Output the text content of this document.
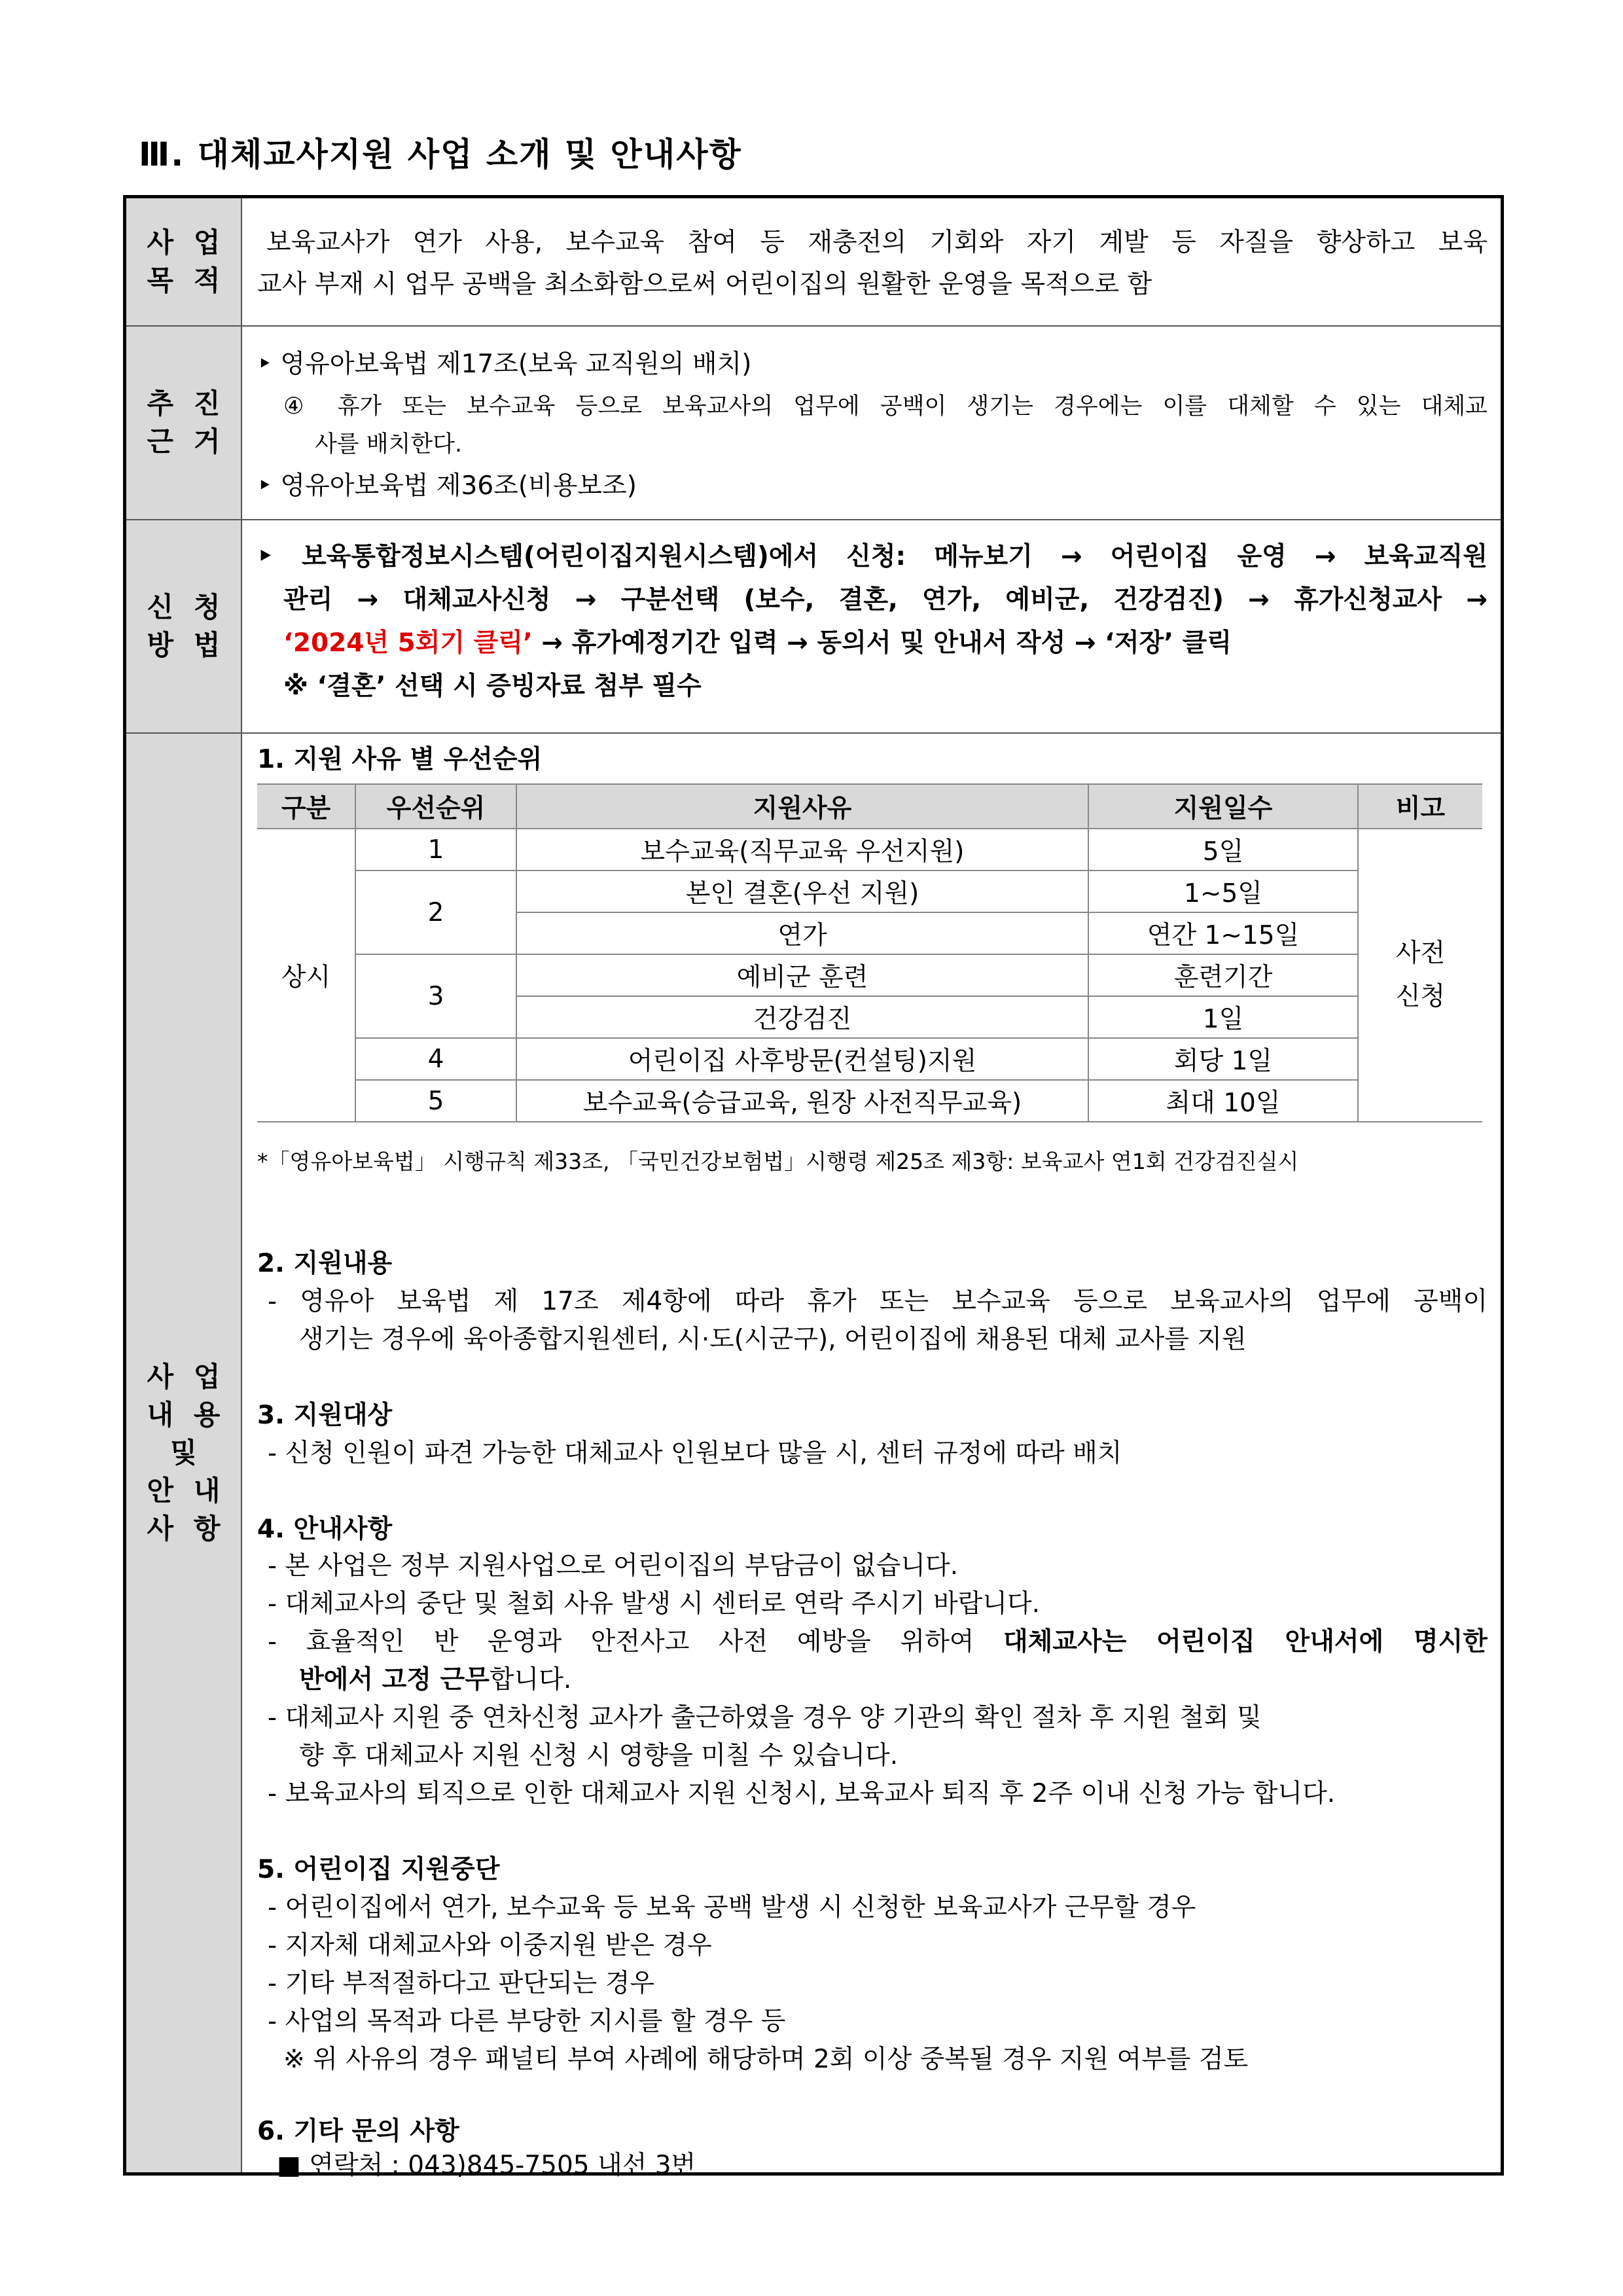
Ⅲ. 대체교사지원 사업 소개 및 안내사항
사 업
목 적
보육교사가 연가 사용, 보수교육 참여 등 재충전의 기회와 자기 계발 등 자질을 향상하고 보육
교사 부재 시 업무 공백을 최소화함으로써 어린이집의 원활한 운영을 목적으로 함
추 진
근 거
‣ 영유아보육법 제17조(보육 교직원의 배치)
④ 휴가 또는 보수교육 등으로 보육교사의 업무에 공백이 생기는 경우에는 이를 대체할 수 있는 대체교
사를 배치한다.
‣ 영유아보육법 제36조(비용보조)
신 청
방 법
‣ 보육통합정보시스템(어린이집지원시스템)에서 신청: 메뉴보기 → 어린이집 운영 → 보육교직원
관리 → 대체교사신청 → 구분선택 (보수, 결혼, 연가, 예비군, 건강검진) → 휴가신청교사 →
‘2024년 5회기 클릭’ → 휴가예정기간 입력 → 동의서 및 안내서 작성 → ‘저장’ 클릭
※ ‘결혼’ 선택 시 증빙자료 첨부 필수
사 업
내 용
및
안 내
사 항
1. 지원 사유 별 우선순위
구분	우선순위	지원사유	지원일수	비고
상시	1	보수교육(직무교육 우선지원)	5일	사전
신청

	2	본인 결혼(우선 지원)	1~5일	
		연가	연간 1~15일	
	3	예비군 훈련	훈련기간	
		건강검진	1일	
	4	어린이집 사후방문(컨설팅)지원	회당 1일	
	5	보수교육(승급교육, 원장 사전직무교육)	최대 10일	
*「영유아보육법」 시행규칙 제33조, 「국민건강보험법」시행령 제25조 제3항: 보육교사 연1회 건강검진실시
2. 지원내용
- 영유아 보육법 제 17조 제4항에 따라 휴가 또는 보수교육 등으로 보육교사의 업무에 공백이
생기는 경우에 육아종합지원센터, 시·도(시군구), 어린이집에 채용된 대체 교사를 지원
3. 지원대상
- 신청 인원이 파견 가능한 대체교사 인원보다 많을 시, 센터 규정에 따라 배치
4. 안내사항
- 본 사업은 정부 지원사업으로 어린이집의 부담금이 없습니다.
- 대체교사의 중단 및 철회 사유 발생 시 센터로 연락 주시기 바랍니다.
- 효율적인 반 운영과 안전사고 사전 예방을 위하여 대체교사는 어린이집 안내서에 명시한
반에서 고정 근무합니다.
- 대체교사 지원 중 연차신청 교사가 출근하였을 경우 양 기관의 확인 절차 후 지원 철회 및
향 후 대체교사 지원 신청 시 영향을 미칠 수 있습니다.
- 보육교사의 퇴직으로 인한 대체교사 지원 신청시, 보육교사 퇴직 후 2주 이내 신청 가능 합니다.
5. 어린이집 지원중단
- 어린이집에서 연가, 보수교육 등 보육 공백 발생 시 신청한 보육교사가 근무할 경우
- 지자체 대체교사와 이중지원 받은 경우
- 기타 부적절하다고 판단되는 경우
- 사업의 목적과 다른 부당한 지시를 할 경우 등
※ 위 사유의 경우 패널티 부여 사례에 해당하며 2회 이상 중복될 경우 지원 여부를 검토
6. 기타 문의 사항
■ 연락처 : 043)845-7505 내선 3번
